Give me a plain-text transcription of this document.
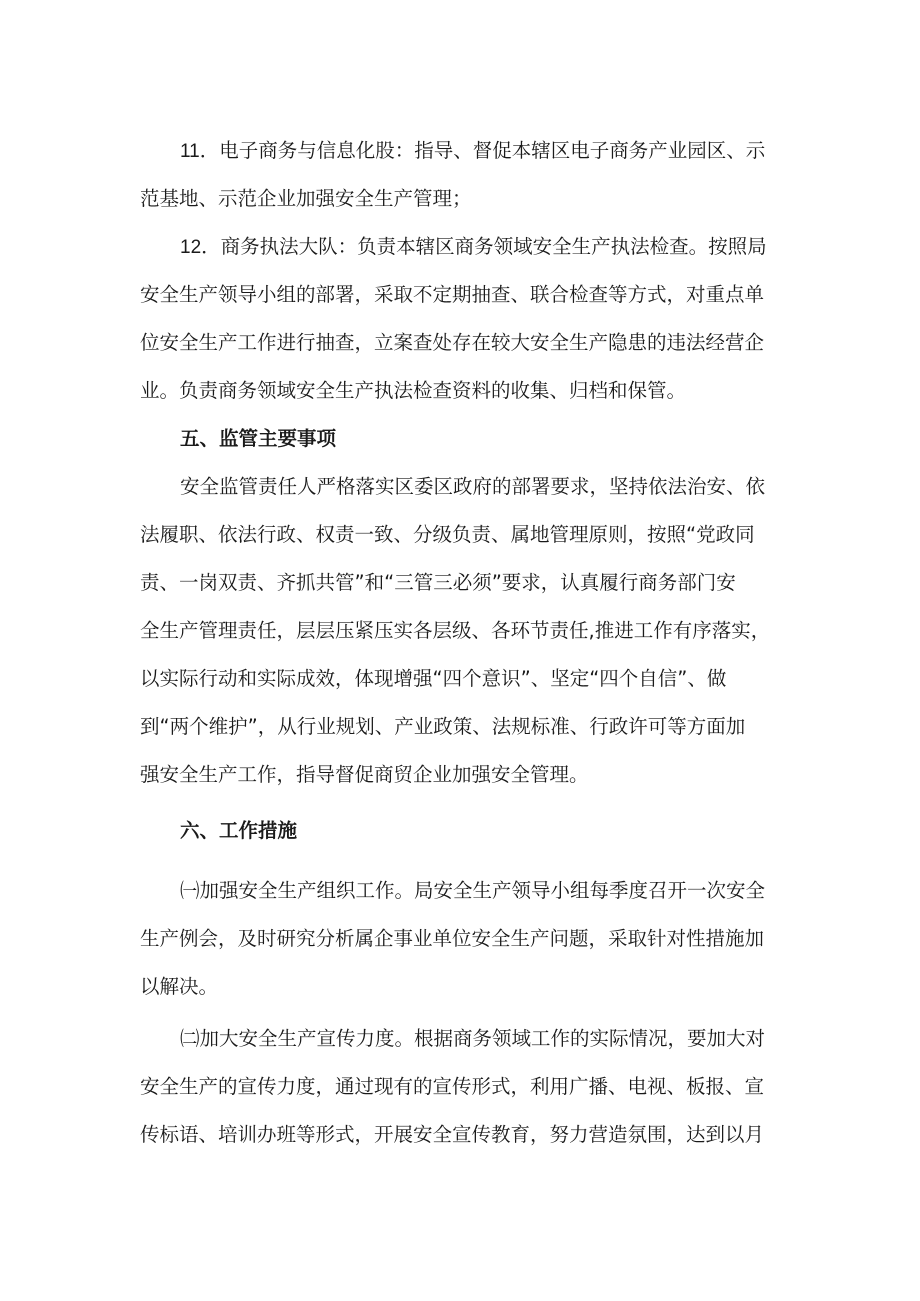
11．电子商务与信息化股：指导、督促本辖区电子商务产业园区、示
范基地、示范企业加强安全生产管理；
12．商务执法大队：负责本辖区商务领域安全生产执法检查。按照局
安全生产领导小组的部署，采取不定期抽查、联合检查等方式，对重点单
位安全生产工作进行抽查，立案查处存在较大安全生产隐患的违法经营企
业。负责商务领域安全生产执法检查资料的收集、归档和保管。
五、监管主要事项
安全监管责任人严格落实区委区政府的部署要求，坚持依法治安、依
法履职、依法行政、权责一致、分级负责、属地管理原则，按照“党政同
责、一岗双责、齐抓共管”和“三管三必须”要求，认真履行商务部门安
全生产管理责任，层层压紧压实各层级、各环节责任,推进工作有序落实，
以实际行动和实际成效，体现增强“四个意识”、坚定“四个自信”、做
到“两个维护”，从行业规划、产业政策、法规标准、行政许可等方面加
强安全生产工作，指导督促商贸企业加强安全管理。
六、工作措施
㈠加强安全生产组织工作。局安全生产领导小组每季度召开一次安全
生产例会，及时研究分析属企事业单位安全生产问题，采取针对性措施加
以解决。
㈡加大安全生产宣传力度。根据商务领域工作的实际情况，要加大对
安全生产的宣传力度，通过现有的宣传形式，利用广播、电视、板报、宣
传标语、培训办班等形式，开展安全宣传教育，努力营造氛围，达到以月
